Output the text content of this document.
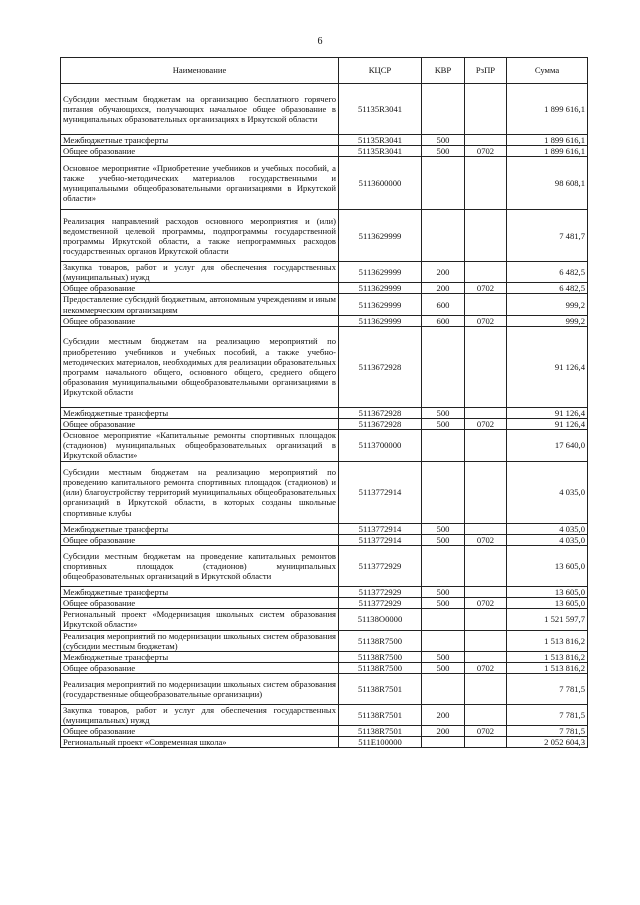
6
Наименование	КЦСР	КВР	РзПР	Сумма
Субсидии местным бюджетам на организацию бесплатного горячего питания обучающихся, получающих начальное общее образование в муниципальных образовательных организациях в Иркутской области	51135R3041			1 899 616,1
Межбюджетные трансферты	51135R3041	500		1 899 616,1
Общее образование	51135R3041	500	0702	1 899 616,1
Основное мероприятие «Приобретение учебников и учебных пособий, а также учебно-методических материалов государственными и муниципальными общеобразовательными организациями в Иркутской области»	5113600000			98 608,1
Реализация направлений расходов основного мероприятия и (или) ведомственной целевой программы, подпрограммы государственной программы Иркутской области, а также непрограммных расходов государственных органов Иркутской области	5113629999			7 481,7
Закупка товаров, работ и услуг для обеспечения государственных (муниципальных) нужд	5113629999	200		6 482,5
Общее образование	5113629999	200	0702	6 482,5
Предоставление субсидий бюджетным, автономным учреждениям и иным некоммерческим организациям	5113629999	600		999,2
Общее образование	5113629999	600	0702	999,2
Субсидии местным бюджетам на реализацию мероприятий по приобретению учебников и учебных пособий, а также учебно-методических материалов, необходимых для реализации образовательных программ начального общего, основного общего, среднего общего образования муниципальными общеобразовательными организациями в Иркутской области	5113672928			91 126,4
Межбюджетные трансферты	5113672928	500		91 126,4
Общее образование	5113672928	500	0702	91 126,4
Основное мероприятие «Капитальные ремонты спортивных площадок (стадионов) муниципальных общеобразовательных организаций в Иркутской области»	5113700000			17 640,0
Субсидии местным бюджетам на реализацию мероприятий по проведению капитального ремонта спортивных площадок (стадионов) и (или) благоустройству территорий муниципальных общеобразовательных организаций в Иркутской области, в которых созданы школьные спортивные клубы	5113772914			4 035,0
Межбюджетные трансферты	5113772914	500		4 035,0
Общее образование	5113772914	500	0702	4 035,0
Субсидии местным бюджетам на проведение капитальных ремонтов спортивных площадок (стадионов) муниципальных общеобразовательных организаций в Иркутской области	5113772929			13 605,0
Межбюджетные трансферты	5113772929	500		13 605,0
Общее образование	5113772929	500	0702	13 605,0
Региональный проект «Модернизация школьных систем образования Иркутской области»	51138O0000			1 521 597,7
Реализация мероприятий по модернизации школьных систем образования (субсидии местным бюджетам)	51138R7500			1 513 816,2
Межбюджетные трансферты	51138R7500	500		1 513 816,2
Общее образование	51138R7500	500	0702	1 513 816,2
Реализация мероприятий по модернизации школьных систем образования (государственные общеобразовательные организации)	51138R7501			7 781,5
Закупка товаров, работ и услуг для обеспечения государственных (муниципальных) нужд	51138R7501	200		7 781,5
Общее образование	51138R7501	200	0702	7 781,5
Региональный проект «Современная школа»	511E100000			2 052 604,3
